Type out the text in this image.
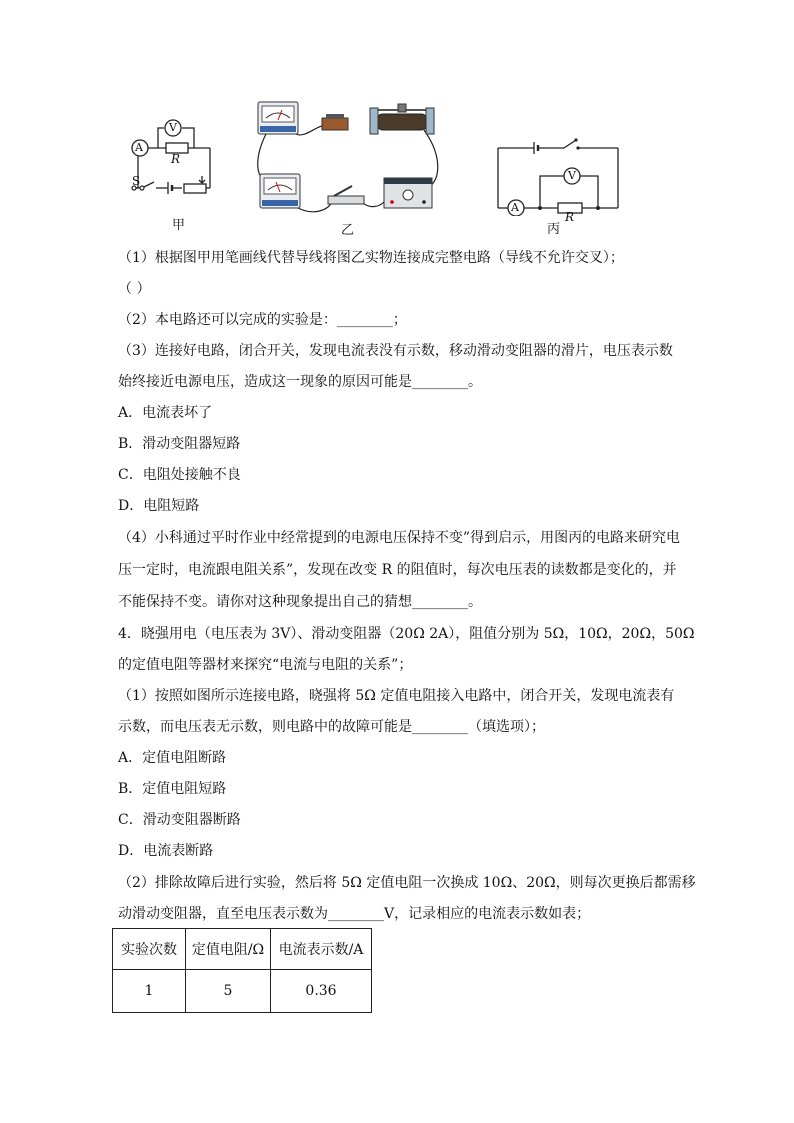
A
V
R
S
甲	乙
A
V
R
丙
（1）根据图甲用笔画线代替导线将图乙实物连接成完整电路（导线不允许交叉）；
（ ）
（2）本电路还可以完成的实验是：________；
（3）连接好电路，闭合开关，发现电流表没有示数，移动滑动变阻器的滑片，电压表示数
始终接近电源电压，造成这一现象的原因可能是________。
A．电流表坏了
B．滑动变阻器短路
C．电阻处接触不良
D．电阻短路
（4）小科通过平时作业中经常提到的电源电压保持不变”得到启示，用图丙的电路来研究电
压一定时，电流跟电阻关系”，发现在改变 R 的阻值时，每次电压表的读数都是变化的，并
不能保持不变。请你对这种现象提出自己的猜想________。
4．晓强用电（电压表为 3V）、滑动变阻器（20Ω 2A），阻值分别为 5Ω，10Ω，20Ω，50Ω
的定值电阻等器材来探究“电流与电阻的关系”；
（1）按照如图所示连接电路，晓强将 5Ω 定值电阻接入电路中，闭合开关，发现电流表有
示数，而电压表无示数，则电路中的故障可能是________（填选项）；
A．定值电阻断路
B．定值电阻短路
C．滑动变阻器断路
D．电流表断路
（2）排除故障后进行实验，然后将 5Ω 定值电阻一次换成 10Ω、20Ω，则每次更换后都需移
动滑动变阻器，直至电压表示数为________V，记录相应的电流表示数如表；
实验次数	定值电阻/Ω	电流表示数/A
1	5	0.36
